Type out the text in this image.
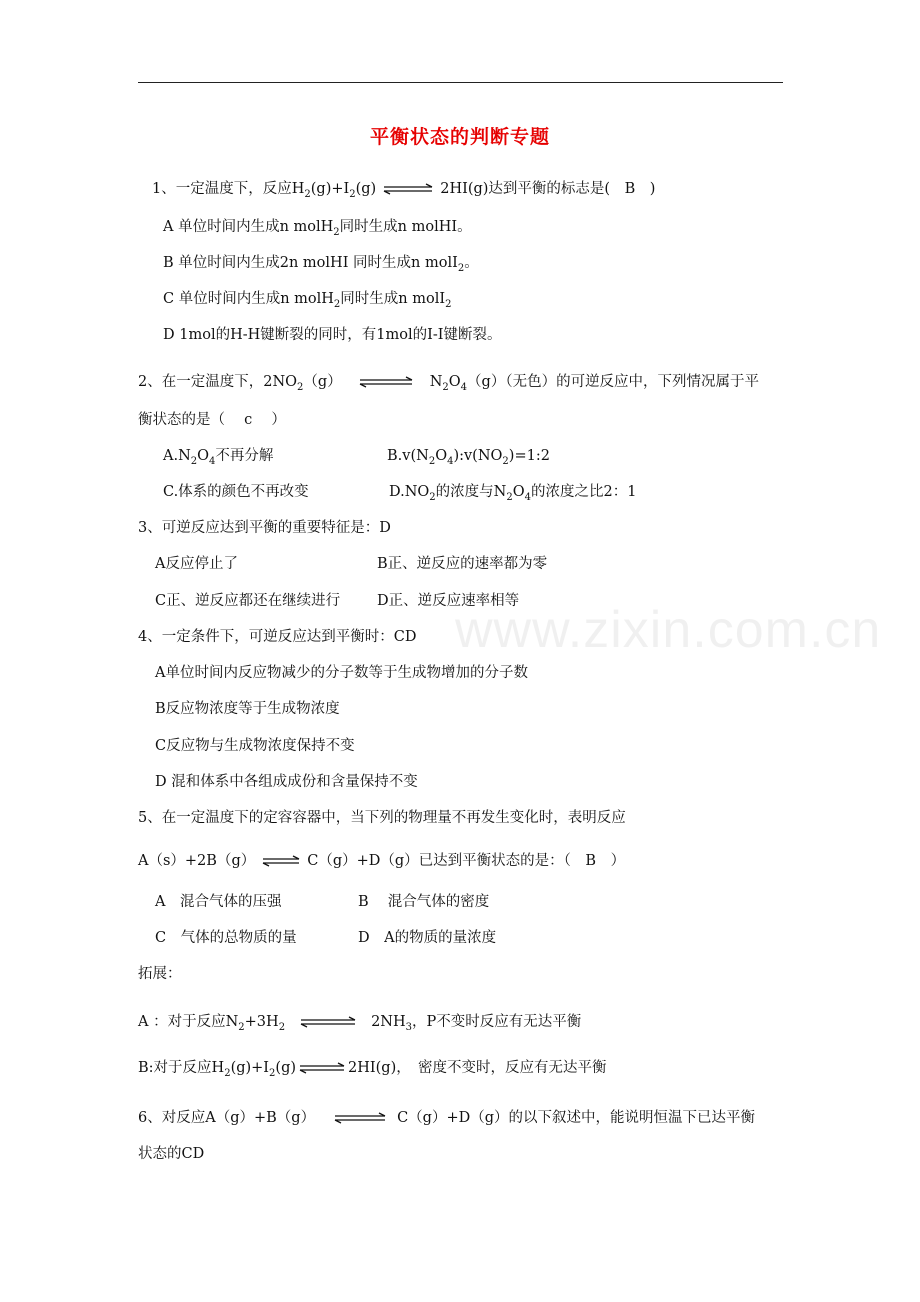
www.zixin.com.cn
平衡状态的判断专题
1、一定温度下，反应$H_2(g)+I_2(g)$ ⇌ 2HI(g)达到平衡的标志是(　B　)
A 单位时间内生成n molH$_2$同时生成n molHI。
B 单位时间内生成2n molHI 同时生成n molI$_2$。
C 单位时间内生成n molH$_2$同时生成n molI$_2$
D 1mol的H-H键断裂的同时，有1mol的I-I键断裂。
2、在一定温度下，$2NO_2(g)$ ⇌ $N_2O_4(g)$（无色）的可逆反应中，下列情况属于平
衡状态的是（　 c　 ）
$A.N_2O_4$不再分解	$B.v(N_2O_4):v(NO_2)=1:2$
C.体系的颜色不再改变	$D.NO_2$的浓度与$N_2O_4$的浓度之比2：1
3、可逆反应达到平衡的重要特征是：D
A反应停止了	B正、逆反应的速率都为零
C正、逆反应都还在继续进行	D正、逆反应速率相等
4、一定条件下，可逆反应达到平衡时：CD
A单位时间内反应物减少的分子数等于生成物增加的分子数
B反应物浓度等于生成物浓度
C反应物与生成物浓度保持不变
D 混和体系中各组成成份和含量保持不变
5、在一定温度下的定容容器中，当下列的物理量不再发生变化时，表明反应
A（s）+2B（g） ⇌ C（g）+D（g）已达到平衡状态的是：（　B　）
A　混合气体的压强	B　 混合气体的密度
C　气体的总物质的量	D　A的物质的量浓度
拓展：
A ：对于反应$N_2+3H_2$ ⇌ $2NH_3$，P不变时反应有无达平衡
B:对于反应$H_2(g)+I_2(g)$ ⇌ 2HI(g)，　密度不变时，反应有无达平衡
6、对反应A（g）+B（g） ⇌ C（g）+D（g）的以下叙述中，能说明恒温下已达平衡
状态的CD
